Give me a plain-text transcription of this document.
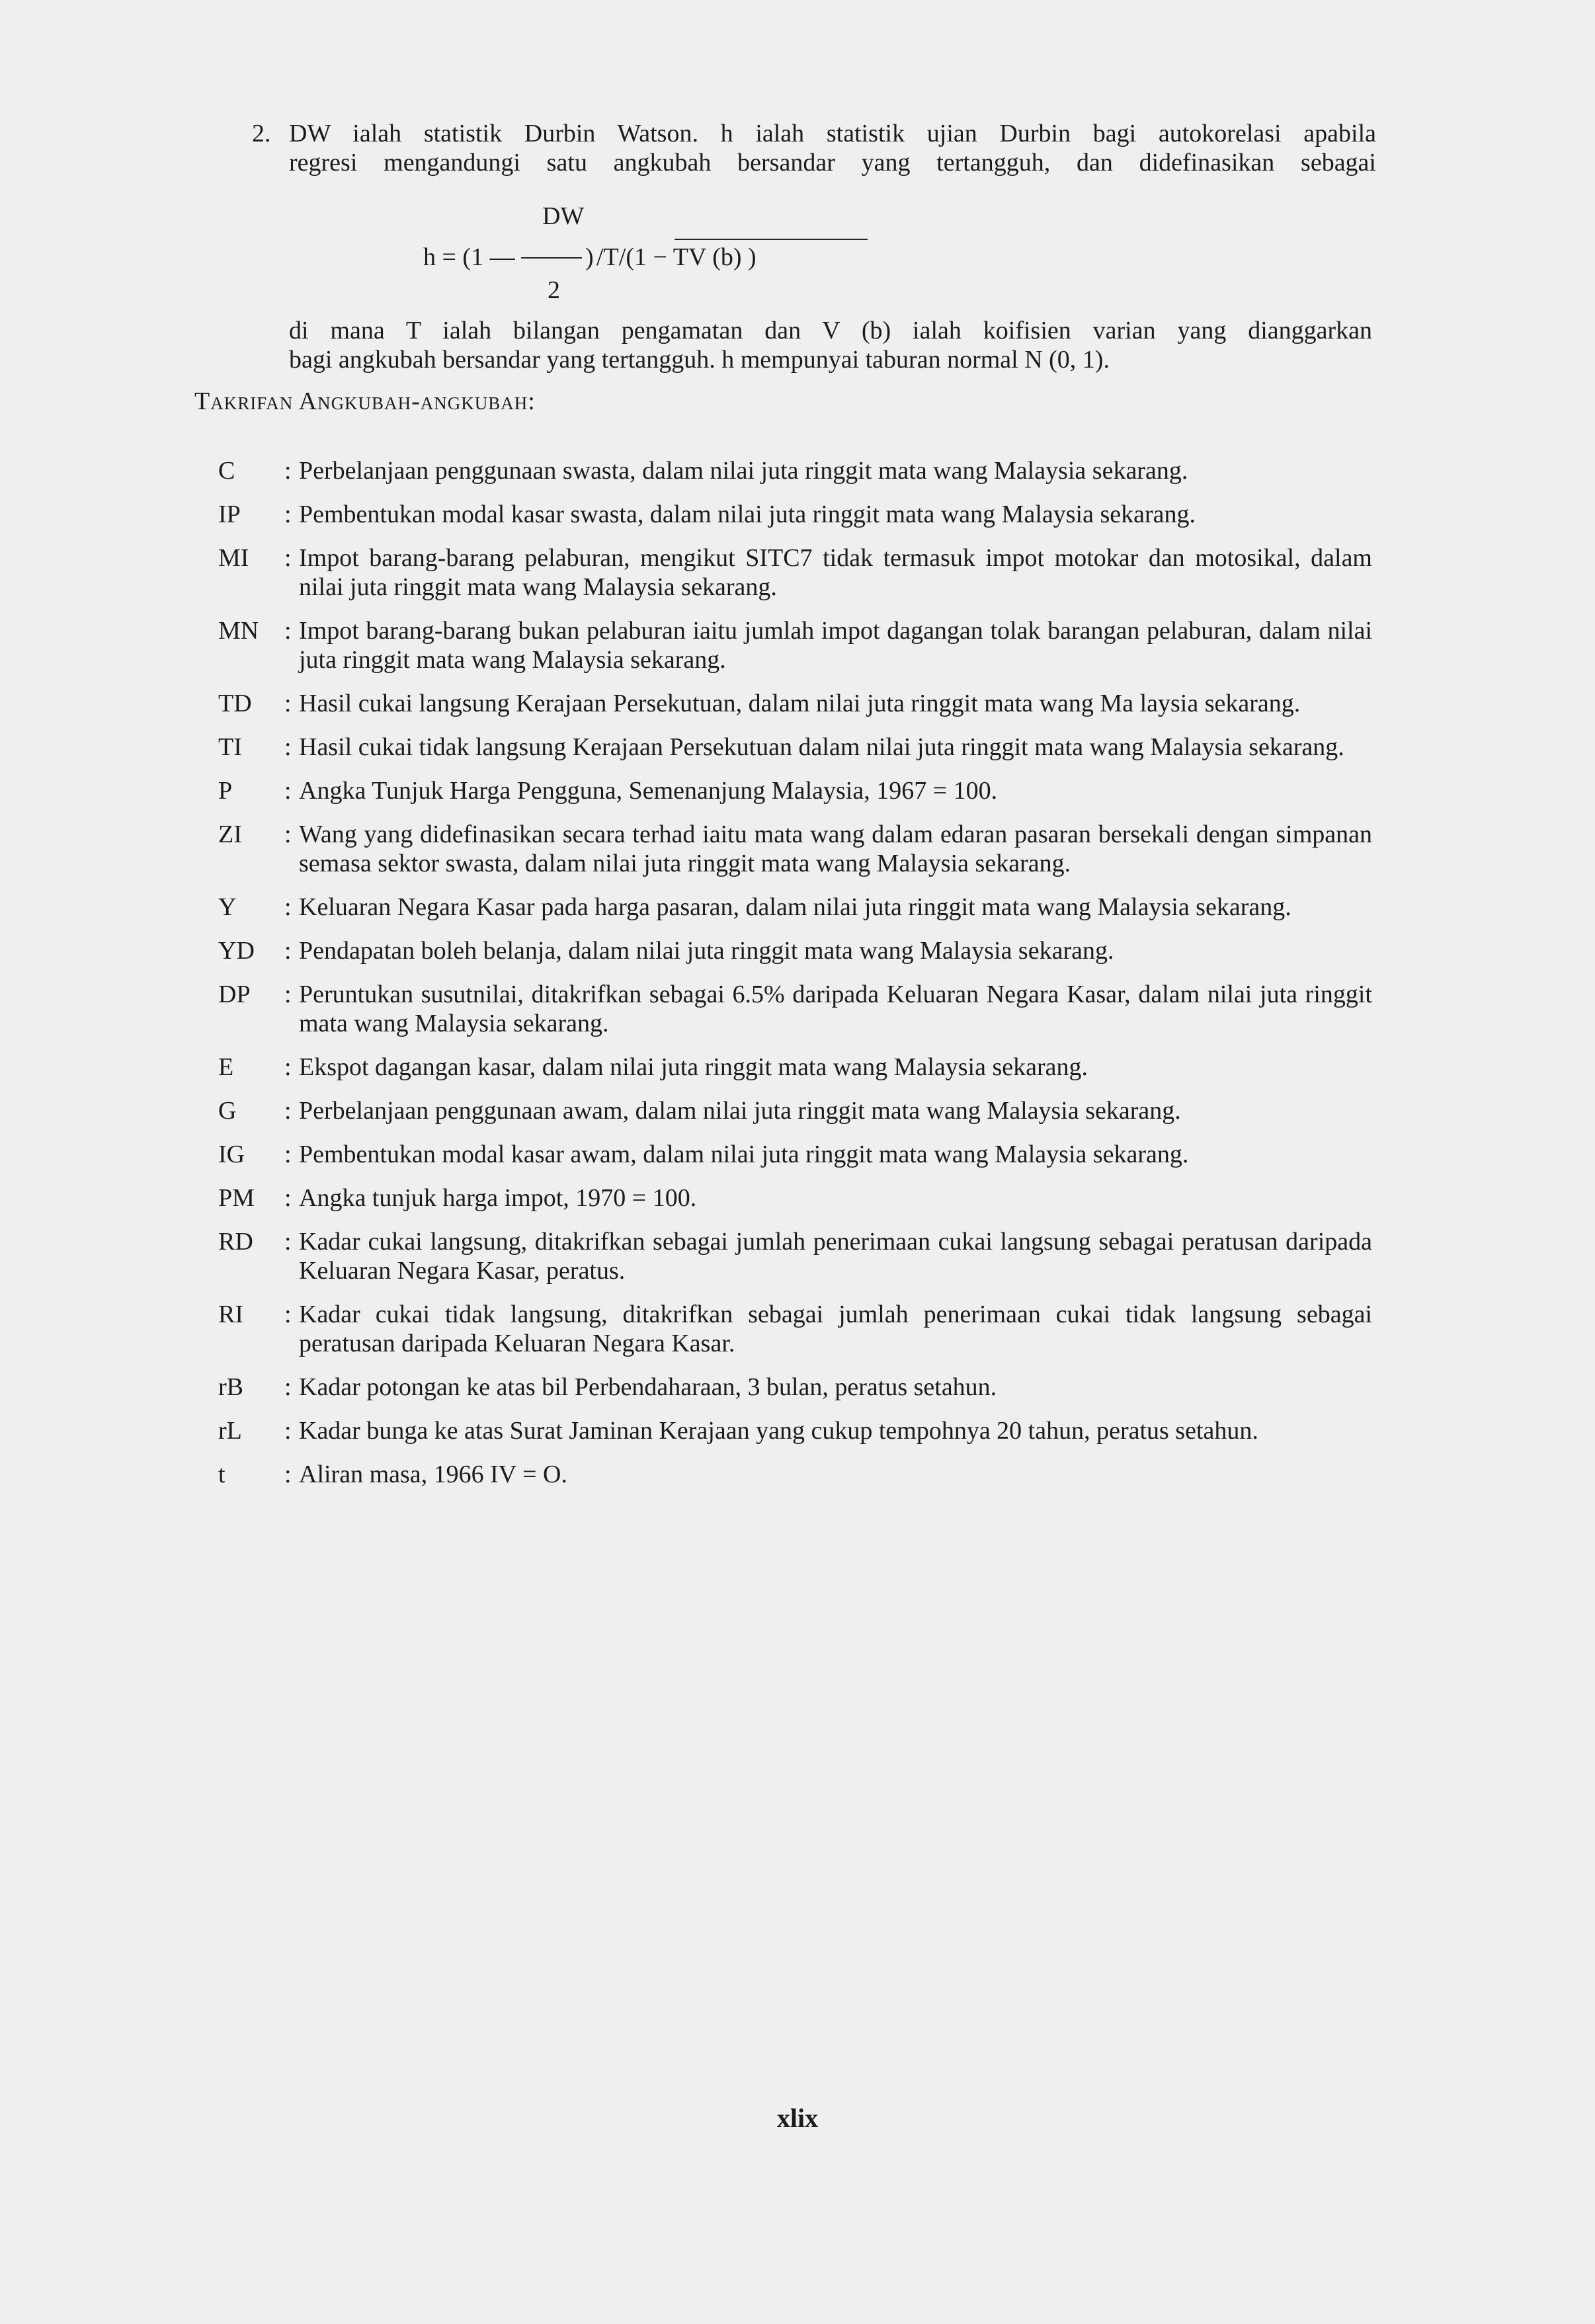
2. DW ialah statistik Durbin Watson. h ialah statistik ujian Durbin bagi autokorelasi apabila
regresi mengandungi satu angkubah bersandar yang tertangguh, dan didefinasikan sebagai
DW
h = (1 —	) /T/(1 − TV (b) )
2
di mana T ialah bilangan pengamatan dan V (b) ialah koifisien varian yang dianggarkan
bagi angkubah bersandar yang tertangguh. h mempunyai taburan normal N (0, 1).
Takrifan Angkubah-angkubah:
C	: Perbelanjaan penggunaan swasta, dalam nilai juta ringgit mata wang Malaysia sekarang.
IP	: Pembentukan modal kasar swasta, dalam nilai juta ringgit mata wang Malaysia sekarang.
MI	: Impot barang-barang pelaburan, mengikut SITC7 tidak termasuk impot motokar dan motosikal, dalam nilai juta ringgit mata wang Malaysia sekarang.
MN	: Impot barang-barang bukan pelaburan iaitu jumlah impot dagangan tolak barangan pelaburan, dalam nilai juta ringgit mata wang Malaysia sekarang.
TD	: Hasil cukai langsung Kerajaan Persekutuan, dalam nilai juta ringgit mata wang Ma laysia sekarang.
TI	: Hasil cukai tidak langsung Kerajaan Persekutuan dalam nilai juta ringgit mata wang Malaysia sekarang.
P	: Angka Tunjuk Harga Pengguna, Semenanjung Malaysia, 1967 = 100.
ZI	: Wang yang didefinasikan secara terhad iaitu mata wang dalam edaran pasaran bersekali dengan simpanan semasa sektor swasta, dalam nilai juta ringgit mata wang Malaysia sekarang.
Y	: Keluaran Negara Kasar pada harga pasaran, dalam nilai juta ringgit mata wang Malaysia sekarang.
YD	: Pendapatan boleh belanja, dalam nilai juta ringgit mata wang Malaysia sekarang.
DP	: Peruntukan susutnilai, ditakrifkan sebagai 6.5% daripada Keluaran Negara Kasar, dalam nilai juta ringgit mata wang Malaysia sekarang.
E	: Ekspot dagangan kasar, dalam nilai juta ringgit mata wang Malaysia sekarang.
G	: Perbelanjaan penggunaan awam, dalam nilai juta ringgit mata wang Malaysia sekarang.
IG	: Pembentukan modal kasar awam, dalam nilai juta ringgit mata wang Malaysia sekarang.
PM	: Angka tunjuk harga impot, 1970 = 100.
RD	: Kadar cukai langsung, ditakrifkan sebagai jumlah penerimaan cukai langsung sebagai peratusan daripada Keluaran Negara Kasar, peratus.
RI	: Kadar cukai tidak langsung, ditakrifkan sebagai jumlah penerimaan cukai tidak langsung sebagai peratusan daripada Keluaran Negara Kasar.
rB	: Kadar potongan ke atas bil Perbendaharaan, 3 bulan, peratus setahun.
rL	: Kadar bunga ke atas Surat Jaminan Kerajaan yang cukup tempohnya 20 tahun, peratus setahun.
t	: Aliran masa, 1966 IV = O.
xlix
